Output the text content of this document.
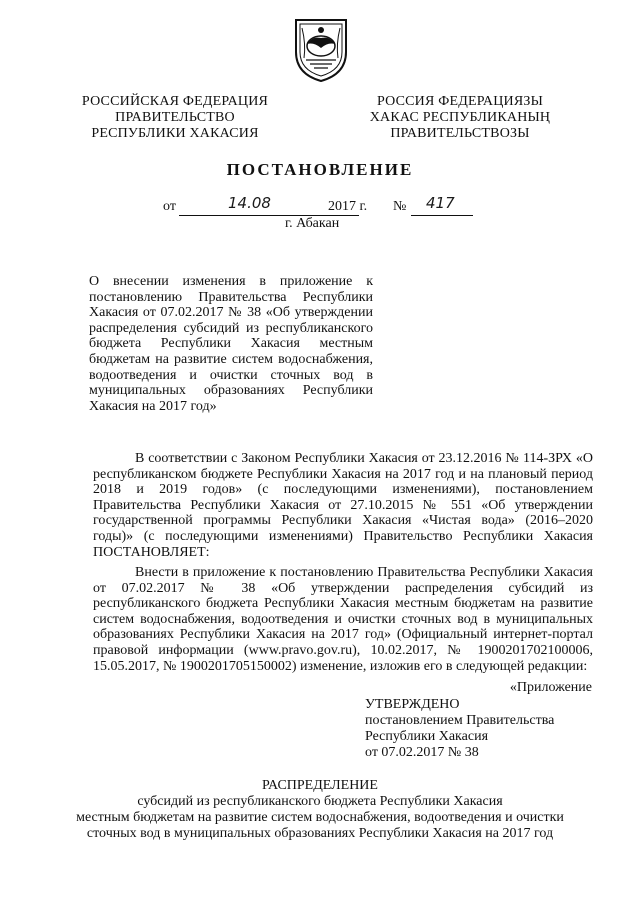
РОССИЙСКАЯ ФЕДЕРАЦИЯ
ПРАВИТЕЛЬСТВО
РЕСПУБЛИКИ ХАКАСИЯ
РОССИЯ ФЕДЕРАЦИЯЗЫ
ХАКАС РЕСПУБЛИКАНЫҢ
ПРАВИТЕЛЬСТВОЗЫ
ПОСТАНОВЛЕНИЕ
от	14.08	2017 г. № 417
г. Абакан
О внесении изменения в приложение к постановлению Правительства Республики Хакасия от 07.02.2017 № 38 «Об утверждении распределения субсидий из республиканского бюджета Республики Хакасия местным бюджетам на развитие систем водоснабжения, водоотведения и очистки сточных вод в муниципальных образованиях Республики Хакасия на 2017 год»
В соответствии с Законом Республики Хакасия от 23.12.2016 № 114-ЗРХ «О республиканском бюджете Республики Хакасия на 2017 год и на плановый период 2018 и 2019 годов» (с последующими изменениями), постановлением Правительства Республики Хакасия от 27.10.2015 № 551 «Об утверждении государственной программы Республики Хакасия «Чистая вода» (2016–2020 годы)» (с последующими изменениями) Правительство Республики Хакасия ПОСТАНОВЛЯЕТ:
Внести в приложение к постановлению Правительства Республики Хакасия от 07.02.2017 № 38 «Об утверждении распределения субсидий из республиканского бюджета Республики Хакасия местным бюджетам на развитие систем водоснабжения, водоотведения и очистки сточных вод в муниципальных образованиях Республики Хакасия на 2017 год» (Официальный интернет-портал правовой информации (www.pravo.gov.ru), 10.02.2017, № 1900201702100006, 15.05.2017, № 1900201705150002) изменение, изложив его в следующей редакции:
«Приложение
УТВЕРЖДЕНО
постановлением Правительства
Республики Хакасия
от 07.02.2017 № 38
РАСПРЕДЕЛЕНИЕ
субсидий из республиканского бюджета Республики Хакасия
местным бюджетам на развитие систем водоснабжения, водоотведения и очистки
сточных вод в муниципальных образованиях Республики Хакасия на 2017 год
